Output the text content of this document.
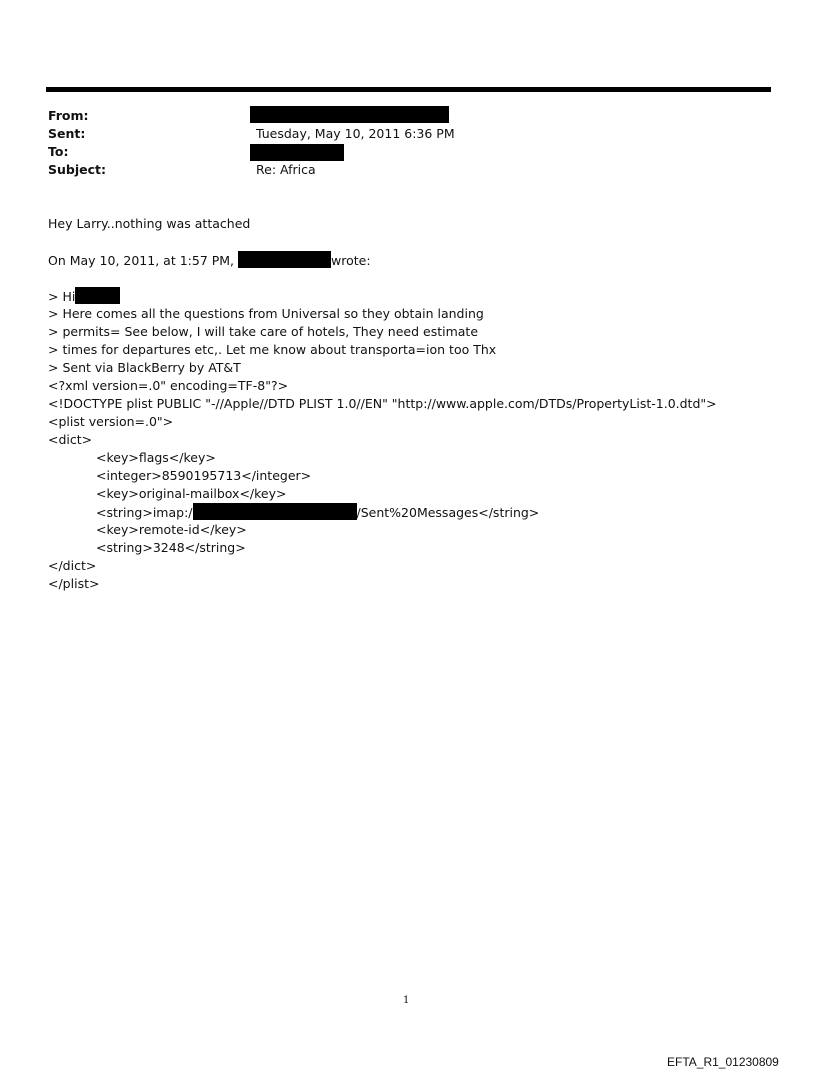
From:
Sent:	Tuesday, May 10, 2011 6:36 PM
To:
Subject:	Re: Africa
Hey Larry..nothing was attached
On May 10, 2011, at 1:57 PM,	wrote:
> Hi
> Here comes all the questions from Universal so they obtain landing
> permits= See below, I will take care of hotels, They need estimate
> times for departures etc,. Let me know about transporta=ion too Thx
> Sent via BlackBerry by AT&T
<?xml version=.0" encoding=TF-8"?>
<!DOCTYPE plist PUBLIC "-//Apple//DTD PLIST 1.0//EN" "http://www.apple.com/DTDs/PropertyList-1.0.dtd">
<plist version=.0">
<dict>
<key>flags</key>
<integer>8590195713</integer>
<key>original-mailbox</key>
<string>imap:/	/Sent%20Messages</string>
<key>remote-id</key>
<string>3248</string>
</dict>
</plist>
1
EFTA_R1_01230809
